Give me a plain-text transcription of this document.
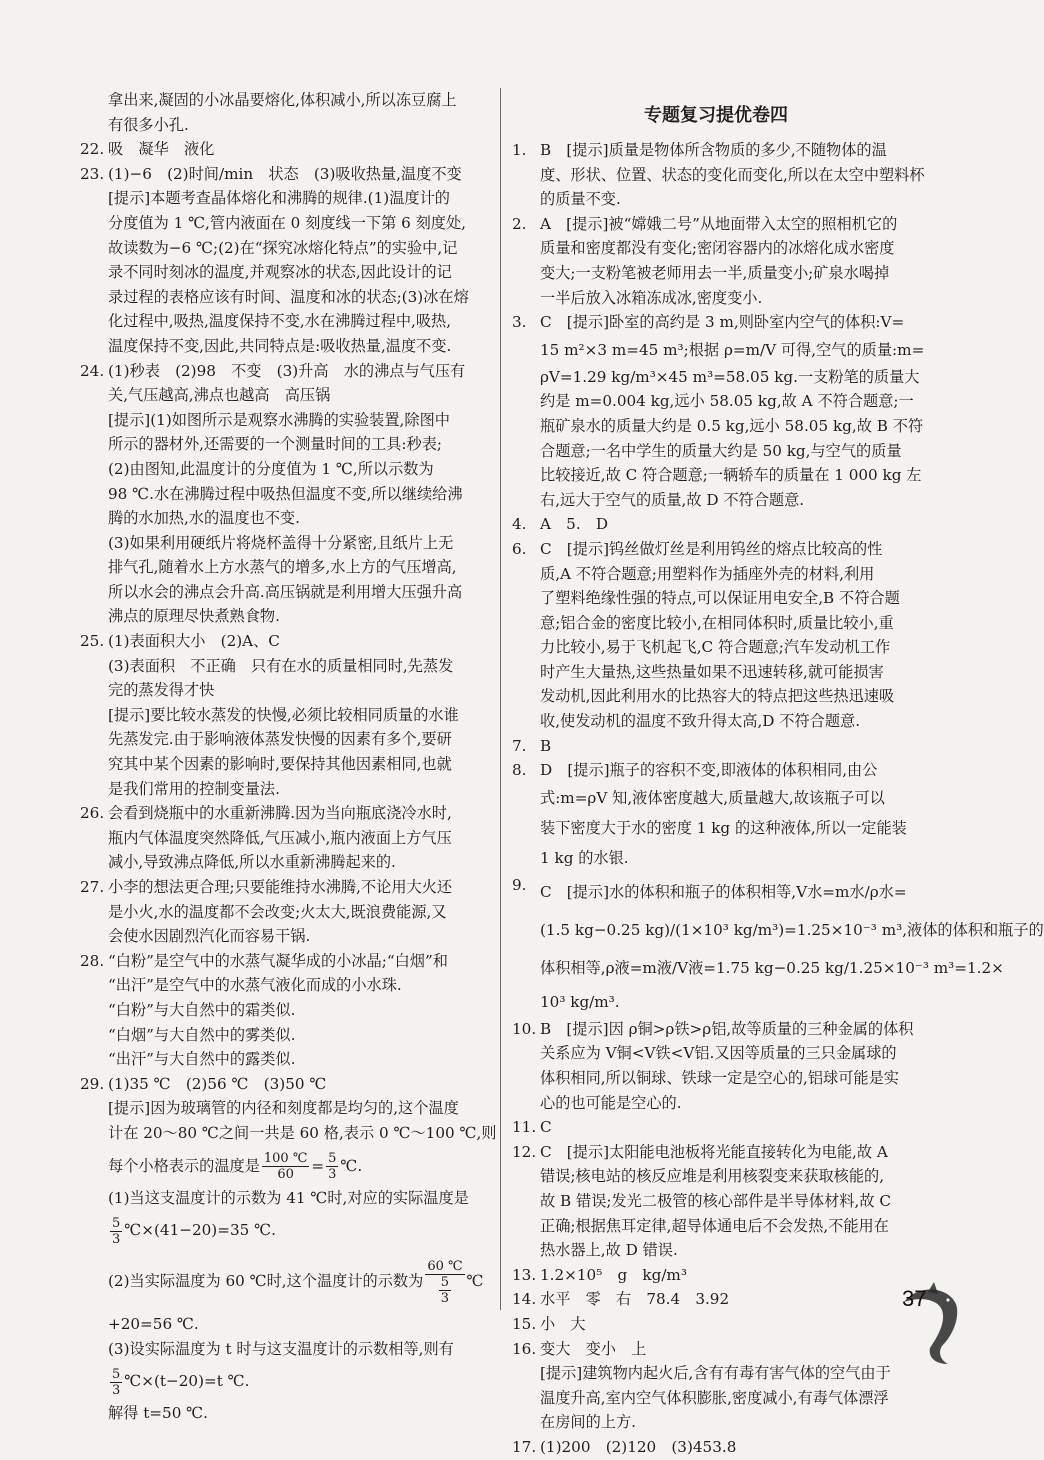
拿出来,凝固的小冰晶要熔化,体积减小,所以冻豆腐上
有很多小孔.
22. 吸　凝华　液化
23. (1)−6　(2)时间/min　状态　(3)吸收热量,温度不变
[提示]本题考查晶体熔化和沸腾的规律.(1)温度计的
分度值为 1 ℃,管内液面在 0 刻度线一下第 6 刻度处,
故读数为−6 ℃;(2)在“探究冰熔化特点”的实验中,记
录不同时刻冰的温度,并观察冰的状态,因此设计的记
录过程的表格应该有时间、温度和冰的状态;(3)冰在熔
化过程中,吸热,温度保持不变,水在沸腾过程中,吸热,
温度保持不变,因此,共同特点是:吸收热量,温度不变.
24. (1)秒表　(2)98　不变　(3)升高　水的沸点与气压有
关,气压越高,沸点也越高　高压锅
[提示](1)如图所示是观察水沸腾的实验装置,除图中
所示的器材外,还需要的一个测量时间的工具:秒表;
(2)由图知,此温度计的分度值为 1 ℃,所以示数为
98 ℃.水在沸腾过程中吸热但温度不变,所以继续给沸
腾的水加热,水的温度也不变.
(3)如果利用硬纸片将烧杯盖得十分紧密,且纸片上无
排气孔,随着水上方水蒸气的增多,水上方的气压增高,
所以水会的沸点会升高.高压锅就是利用增大压强升高
沸点的原理尽快煮熟食物.
25. (1)表面积大小　(2)A、C
(3)表面积　不正确　只有在水的质量相同时,先蒸发
完的蒸发得才快
[提示]要比较水蒸发的快慢,必须比较相同质量的水谁
先蒸发完.由于影响液体蒸发快慢的因素有多个,要研
究其中某个因素的影响时,要保持其他因素相同,也就
是我们常用的控制变量法.
26. 会看到烧瓶中的水重新沸腾.因为当向瓶底浇冷水时,
瓶内气体温度突然降低,气压减小,瓶内液面上方气压
减小,导致沸点降低,所以水重新沸腾起来的.
27. 小李的想法更合理;只要能维持水沸腾,不论用大火还
是小火,水的温度都不会改变;火太大,既浪费能源,又
会使水因剧烈汽化而容易干锅.
28. “白粉”是空气中的水蒸气凝华成的小冰晶;“白烟”和
“出汗”是空气中的水蒸气液化而成的小水珠.
“白粉”与大自然中的霜类似.
“白烟”与大自然中的雾类似.
“出汗”与大自然中的露类似.
29. (1)35 ℃　(2)56 ℃　(3)50 ℃
[提示]因为玻璃管的内径和刻度都是均匀的,这个温度
计在 20～80 ℃之间一共是 60 格,表示 0 ℃～100 ℃,则
每个小格表示的温度是 $\frac{100 ℃}{60} = \frac{5}{3}$ ℃.
(1)当这支温度计的示数为 41 ℃时,对应的实际温度是
$\frac{5}{3}$ ℃×(41−20)=35 ℃.
(2)当实际温度为 60 ℃时,这个温度计的示数为 $\frac{60 ℃}{\frac{5}{3}}$ ℃
+20=56 ℃.
(3)设实际温度为 t 时与这支温度计的示数相等,则有
$\frac{5}{3}$ ℃×(t−20)=t ℃.
解得 t=50 ℃.
专题复习提优卷四
1. B　[提示]质量是物体所含物质的多少,不随物体的温
度、形状、位置、状态的变化而变化,所以在太空中塑料杯
的质量不变.
2. A　[提示]被“嫦娥二号”从地面带入太空的照相机它的
质量和密度都没有变化;密闭容器内的冰熔化成水密度
变大;一支粉笔被老师用去一半,质量变小;矿泉水喝掉
一半后放入冰箱冻成冰,密度变小.
3. C　[提示]卧室的高约是 3 m,则卧室内空气的体积:V=
15 m²×3 m=45 m³;根据 ρ=m/V 可得,空气的质量:m=
ρV=1.29 kg/m³×45 m³=58.05 kg.一支粉笔的质量大
约是 m=0.004 kg,远小 58.05 kg,故 A 不符合题意;一
瓶矿泉水的质量大约是 0.5 kg,远小 58.05 kg,故 B 不符
合题意;一名中学生的质量大约是 50 kg,与空气的质量
比较接近,故 C 符合题意;一辆轿车的质量在 1 000 kg 左
右,远大于空气的质量,故 D 不符合题意.
4. A　5.　D
6. C　[提示]钨丝做灯丝是利用钨丝的熔点比较高的性
质,A 不符合题意;用塑料作为插座外壳的材料,利用
了塑料绝缘性强的特点,可以保证用电安全,B 不符合题
意;铝合金的密度比较小,在相同体积时,质量比较小,重
力比较小,易于飞机起飞,C 符合题意;汽车发动机工作
时产生大量热,这些热量如果不迅速转移,就可能损害
发动机,因此利用水的比热容大的特点把这些热迅速吸
收,使发动机的温度不致升得太高,D 不符合题意.
7. B
8. D　[提示]瓶子的容积不变,即液体的体积相同,由公
式:m=ρV 知,液体密度越大,质量越大,故该瓶子可以
装下密度大于水的密度 1 kg 的这种液体,所以一定能装
1 kg 的水银.
9. C　[提示]水的体积和瓶子的体积相等,V水=m水/ρ水=
(1.5 kg−0.25 kg)/(1×10³ kg/m³)=1.25×10⁻³ m³,液体的体积和瓶子的
体积相等,ρ液=m液/V液=1.75 kg−0.25 kg/1.25×10⁻³ m³=1.2×
10³ kg/m³.
10. B　[提示]因 ρ铜>ρ铁>ρ铝,故等质量的三种金属的体积
关系应为 V铜<V铁<V铝.又因等质量的三只金属球的
体积相同,所以铜球、铁球一定是空心的,铝球可能是实
心的也可能是空心的.
11. C
12. C　[提示]太阳能电池板将光能直接转化为电能,故 A
错误;核电站的核反应堆是利用核裂变来获取核能的,
故 B 错误;发光二极管的核心部件是半导体材料,故 C
正确;根据焦耳定律,超导体通电后不会发热,不能用在
热水器上,故 D 错误.
13. 1.2×10⁵　g　kg/m³
14. 水平　零　右　78.4　3.92
15. 小　大
16. 变大　变小　上
[提示]建筑物内起火后,含有有毒有害气体的空气由于
温度升高,室内空气体积膨胀,密度减小,有毒气体漂浮
在房间的上方.
17. (1)200　(2)120　(3)453.8
37
